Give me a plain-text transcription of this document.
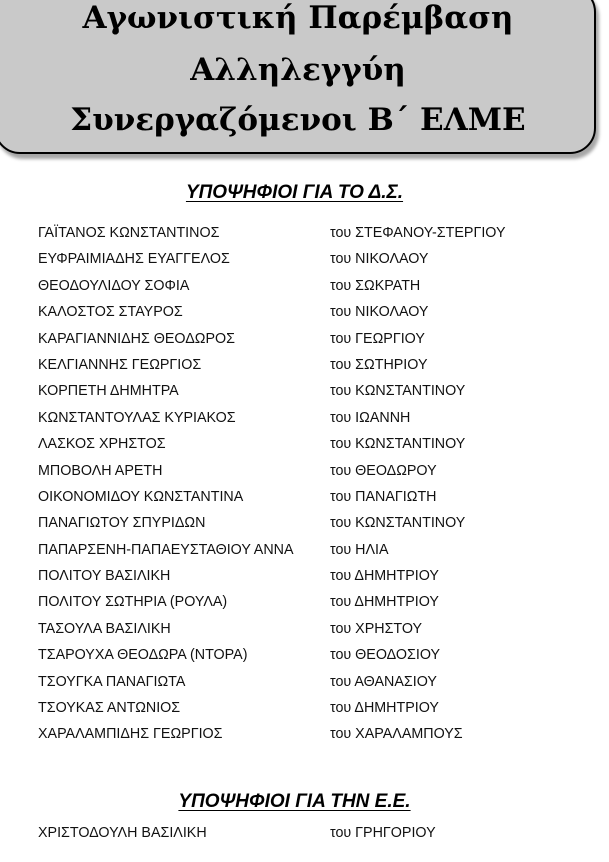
Αγωνιστική Παρέμβαση
Αλληλεγγύη
Συνεργαζόμενοι Β΄ ΕΛΜΕ
ΥΠΟΨΗΦΙΟΙ ΓΙΑ ΤΟ Δ.Σ.
ΓΑΪΤΑΝΟΣ ΚΩΝΣΤΑΝΤΙΝΟΣ	του ΣΤΕΦΑΝΟΥ-ΣΤΕΡΓΙΟΥ
ΕΥΦΡΑΙΜΙΑΔΗΣ ΕΥΑΓΓΕΛΟΣ	του ΝΙΚΟΛΑΟΥ
ΘΕΟΔΟΥΛΙΔΟΥ ΣΟΦΙΑ	του ΣΩΚΡΑΤΗ
ΚΑΛΟΣΤΟΣ ΣΤΑΥΡΟΣ	του ΝΙΚΟΛΑΟΥ
ΚΑΡΑΓΙΑΝΝΙΔΗΣ ΘΕΟΔΩΡΟΣ	του ΓΕΩΡΓΙΟΥ
ΚΕΛΓΙΑΝΝΗΣ ΓΕΩΡΓΙΟΣ	του ΣΩΤΗΡΙΟΥ
ΚΟΡΠΕΤΗ ΔΗΜΗΤΡΑ	του ΚΩΝΣΤΑΝΤΙΝΟΥ
ΚΩΝΣΤΑΝΤΟΥΛΑΣ ΚΥΡΙΑΚΟΣ	του ΙΩΑΝΝΗ
ΛΑΣΚΟΣ ΧΡΗΣΤΟΣ	του ΚΩΝΣΤΑΝΤΙΝΟΥ
ΜΠΟΒΟΛΗ ΑΡΕΤΗ	του ΘΕΟΔΩΡΟΥ
ΟΙΚΟΝΟΜΙΔΟΥ ΚΩΝΣΤΑΝΤΙΝΑ	του ΠΑΝΑΓΙΩΤΗ
ΠΑΝΑΓΙΩΤΟΥ ΣΠΥΡΙΔΩΝ	του ΚΩΝΣΤΑΝΤΙΝΟΥ
ΠΑΠΑΡΣΕΝΗ-ΠΑΠΑΕΥΣΤΑΘΙΟΥ ΑΝΝΑ	του ΗΛΙΑ
ΠΟΛΙΤΟΥ ΒΑΣΙΛΙΚΗ	του ΔΗΜΗΤΡΙΟΥ
ΠΟΛΙΤΟΥ ΣΩΤΗΡΙΑ (ΡΟΥΛΑ)	του ΔΗΜΗΤΡΙΟΥ
ΤΑΣΟΥΛΑ ΒΑΣΙΛΙΚΗ	του ΧΡΗΣΤΟΥ
ΤΣΑΡΟΥΧΑ ΘΕΟΔΩΡΑ (ΝΤΟΡΑ)	του ΘΕΟΔΟΣΙΟΥ
ΤΣΟΥΓΚΑ ΠΑΝΑΓΙΩΤΑ	του ΑΘΑΝΑΣΙΟΥ
ΤΣΟΥΚΑΣ ΑΝΤΩΝΙΟΣ	του ΔΗΜΗΤΡΙΟΥ
ΧΑΡΑΛΑΜΠΙΔΗΣ ΓΕΩΡΓΙΟΣ	του ΧΑΡΑΛΑΜΠΟΥΣ
ΥΠΟΨΗΦΙΟΙ ΓΙΑ ΤΗΝ Ε.Ε.
ΧΡΙΣΤΟΔΟΥΛΗ ΒΑΣΙΛΙΚΗ	του ΓΡΗΓΟΡΙΟΥ
